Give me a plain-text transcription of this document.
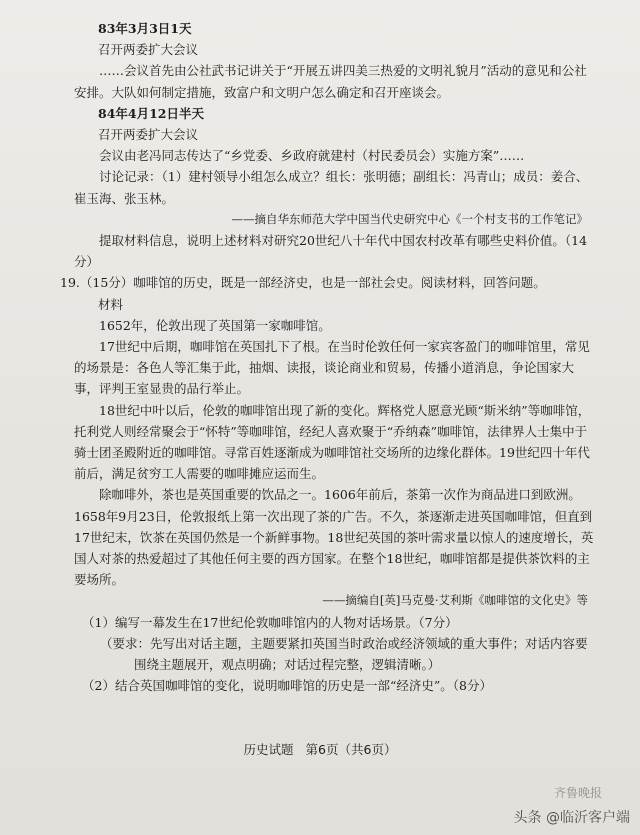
83年3月3日1天

召开两委扩大会议

……会议首先由公社武书记讲关于“开展五讲四美三热爱的文明礼貌月”活动的意见和公社安排。大队如何制定措施，致富户和文明户怎么确定和召开座谈会。

84年4月12日半天

召开两委扩大会议

会议由老冯同志传达了“乡党委、乡政府就建村（村民委员会）实施方案”……

讨论记录：（1）建村领导小组怎么成立？组长：张明德；副组长：冯青山；成员：姜合、崔玉海、张玉林。

——摘自华东师范大学中国当代史研究中心《一个村支书的工作笔记》

提取材料信息，说明上述材料对研究20世纪八十年代中国农村改革有哪些史料价值。（14分）

19.（15分）咖啡馆的历史，既是一部经济史，也是一部社会史。阅读材料，回答问题。

材料

1652年，伦敦出现了英国第一家咖啡馆。

17世纪中后期，咖啡馆在英国扎下了根。在当时伦敦任何一家宾客盈门的咖啡馆里，常见的场景是：各色人等汇集于此，抽烟、读报，谈论商业和贸易，传播小道消息，争论国家大事，评判王室显贵的品行举止。

18世纪中叶以后，伦敦的咖啡馆出现了新的变化。辉格党人愿意光顾“斯米纳”等咖啡馆，托利党人则经常聚会于“怀特”等咖啡馆，经纪人喜欢聚于“乔纳森”咖啡馆，法律界人士集中于骑士团圣殿附近的咖啡馆。寻常百姓逐渐成为咖啡馆社交场所的边缘化群体。19世纪四十年代前后，满足贫穷工人需要的咖啡摊应运而生。

除咖啡外，茶也是英国重要的饮品之一。1606年前后，茶第一次作为商品进口到欧洲。1658年9月23日，伦敦报纸上第一次出现了茶的广告。不久，茶逐渐走进英国咖啡馆，但直到17世纪末，饮茶在英国仍然是一个新鲜事物。18世纪英国的茶叶需求量以惊人的速度增长，英国人对茶的热爱超过了其他任何主要的西方国家。在整个18世纪，咖啡馆都是提供茶饮料的主要场所。

——摘编自[英]马克曼·艾利斯《咖啡馆的文化史》等

（1）编写一幕发生在17世纪伦敦咖啡馆内的人物对话场景。（7分）

（要求：先写出对话主题，主题要紧扣英国当时政治或经济领域的重大事件；对话内容要

围绕主题展开，观点明确；对话过程完整，逻辑清晰。）

（2）结合英国咖啡馆的变化，说明咖啡馆的历史是一部“经济史”。（8分）

历史试题 第6页（共6页）
齐鲁晚报
头条 @临沂客户端
